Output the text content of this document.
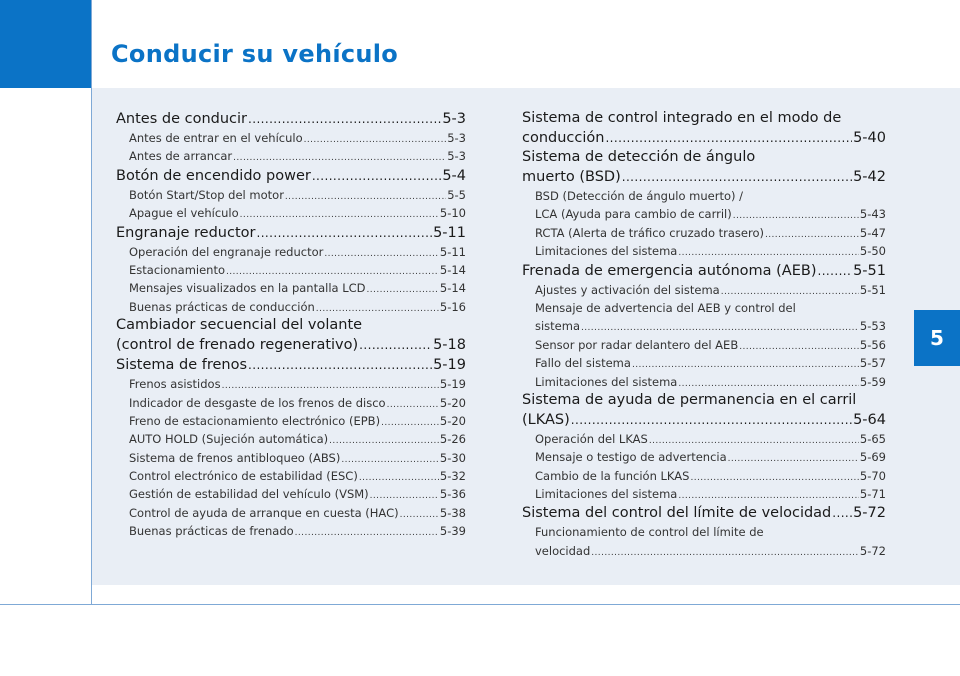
Conducir su vehículo
5
Antes de conducir .....	5-3
Antes de entrar en el vehículo .....	5-3
Antes de arrancar .....	5-3
Botón de encendido power .....	5-4
Botón Start/Stop del motor .....	5-5
Apague el vehículo .....	5-10
Engranaje reductor .....	5-11
Operación del engranaje reductor .....	5-11
Estacionamiento .....	5-14
Mensajes visualizados en la pantalla LCD .....	5-14
Buenas prácticas de conducción .....	5-16
Cambiador secuencial del volante
(control de frenado regenerativo) .....	5-18
Sistema de frenos .....	5-19
Frenos asistidos .....	5-19
Indicador de desgaste de los frenos de disco .....	5-20
Freno de estacionamiento electrónico (EPB) .....	5-20
AUTO HOLD (Sujeción automática) .....	5-26
Sistema de frenos antibloqueo (ABS) .....	5-30
Control electrónico de estabilidad (ESC) .....	5-32
Gestión de estabilidad del vehículo (VSM) .....	5-36
Control de ayuda de arranque en cuesta (HAC) .....	5-38
Buenas prácticas de frenado .....	5-39
Sistema de control integrado en el modo de
conducción .....	5-40
Sistema de detección de ángulo
muerto (BSD) .....	5-42
BSD (Detección de ángulo muerto) /
LCA (Ayuda para cambio de carril) .....	5-43
RCTA (Alerta de tráfico cruzado trasero) .....	5-47
Limitaciones del sistema .....	5-50
Frenada de emergencia autónoma (AEB) .....	5-51
Ajustes y activación del sistema .....	5-51
Mensaje de advertencia del AEB y control del
sistema .....	5-53
Sensor por radar delantero del AEB .....	5-56
Fallo del sistema .....	5-57
Limitaciones del sistema .....	5-59
Sistema de ayuda de permanencia en el carril
(LKAS) .....	5-64
Operación del LKAS .....	5-65
Mensaje o testigo de advertencia .....	5-69
Cambio de la función LKAS .....	5-70
Limitaciones del sistema .....	5-71
Sistema del control del límite de velocidad ..... 5-72
Funcionamiento de control del límite de
velocidad .....	5-72
